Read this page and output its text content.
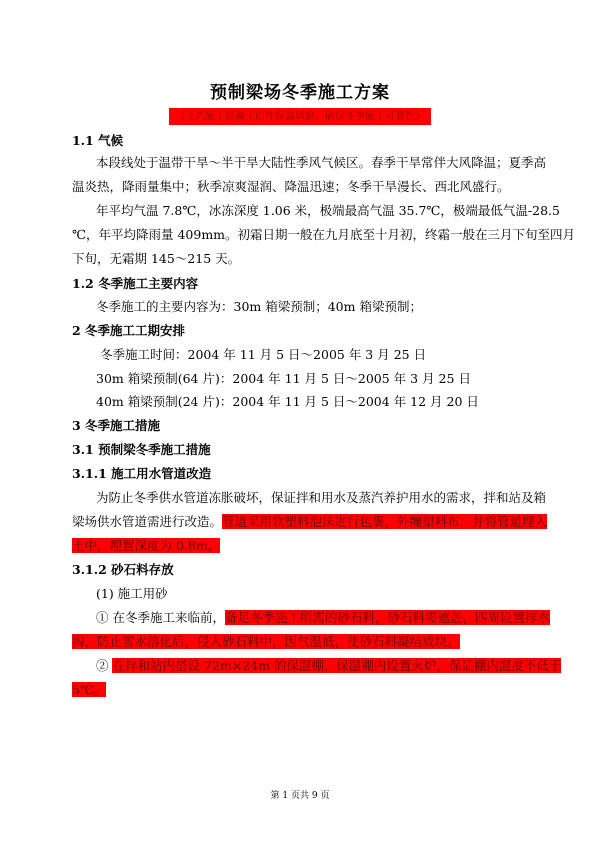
预制梁场冬季施工方案
（正式施工混凝土前作保温试验，确保冬季施工可靠性）
1.1 气候
本段线处于温带干旱～半干旱大陆性季风气候区。春季干旱常伴大风降温；夏季高
温炎热，降雨量集中；秋季凉爽湿润、降温迅速；冬季干旱漫长、西北风盛行。
年平均气温 7.8℃，冰冻深度 1.06 米，极端最高气温 35.7℃，极端最低气温-28.5
℃，年平均降雨量 409mm。初霜日期一般在九月底至十月初，终霜一般在三月下旬至四月
下旬，无霜期 145～215 天。
1.2 冬季施工主要内容
冬季施工的主要内容为：30m 箱梁预制；40m 箱梁预制；
2 冬季施工工期安排
冬季施工时间：2004 年 11 月 5 日～2005 年 3 月 25 日
30m 箱梁预制(64 片)：2004 年 11 月 5 日～2005 年 3 月 25 日
40m 箱梁预制(24 片)：2004 年 11 月 5 日～2004 年 12 月 20 日
3 冬季施工措施
3.1 预制梁冬季施工措施
3.1.1 施工用水管道改造
为防止冬季供水管道冻胀破坏，保证拌和用水及蒸汽养护用水的需求，拌和站及箱
梁场供水管道需进行改造。管道采用软塑料泡沫进行包裹，外缠塑料布，并将管道埋入
土中，埋置深度为 0.8m。
3.1.2 砂石料存放
(1) 施工用砂
① 在冬季施工来临前，备足冬季施工所需的砂石料，砂石料需遮盖，四周设置排水
沟，防止雪水溶化后，侵入砂石料中，因气温低，使砂石料凝结成块。
② 在拌和站内搭设 72m×24m 的保温棚，保温棚内设置火炉，保证棚内温度不低于
5℃。
第 1 页共 9 页
